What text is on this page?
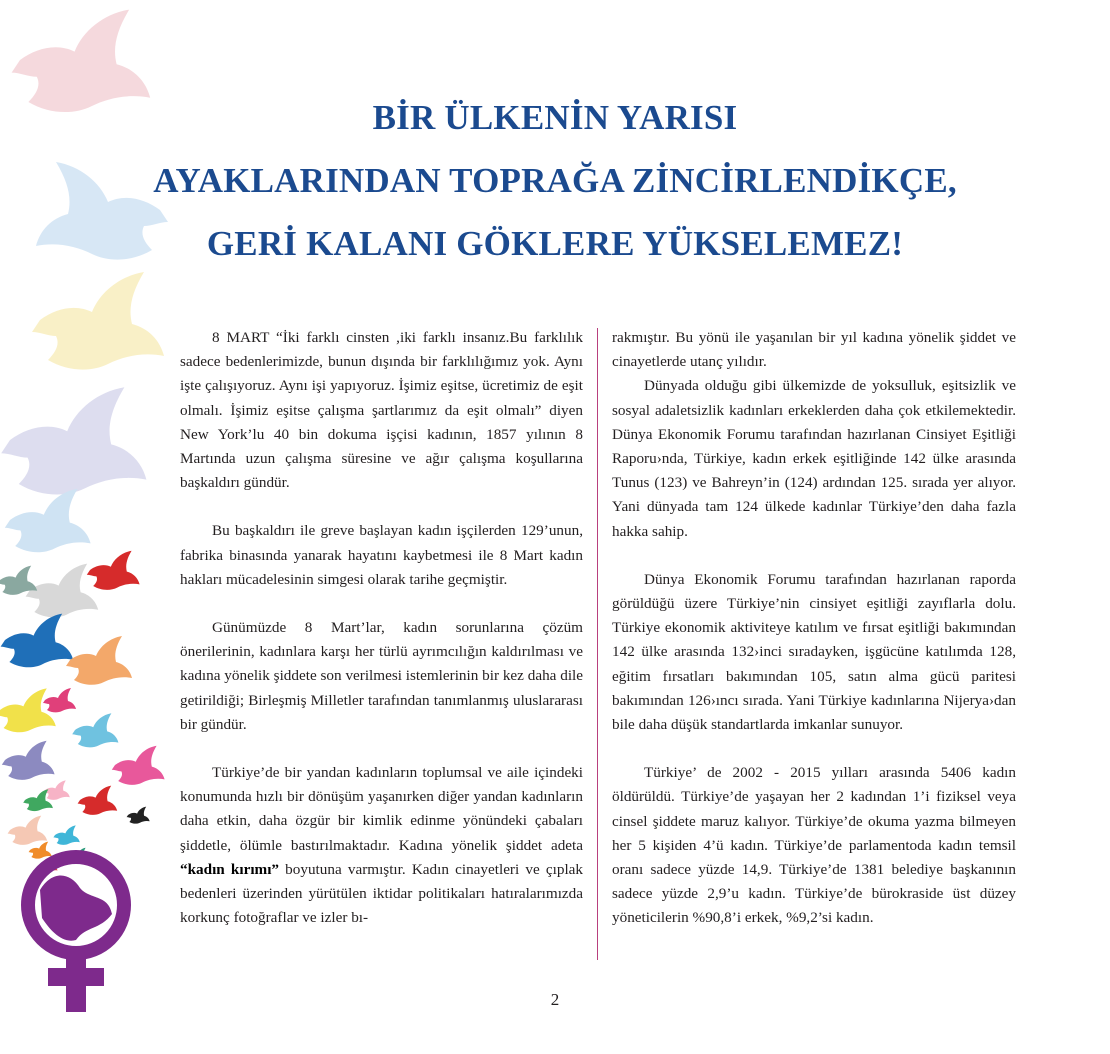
BİR ÜLKENİN YARISI
AYAKLARINDAN TOPRAĞA ZİNCİRLENDİKÇE,
GERİ KALANI GÖKLERE YÜKSELEMEZ!

8 MART “İki farklı cinsten ,iki farklı insanız.Bu farklılık sadece bedenlerimizde, bunun dışında bir farklılığımız yok. Aynı işte çalışıyoruz. Aynı işi yapıyoruz. İşimiz eşitse, ücretimiz de eşit olmalı. İşimiz eşitse çalışma şartlarımız da eşit olmalı” diyen New York’lu 40 bin dokuma işçisi kadının, 1857 yılının 8 Martında uzun çalışma süresine ve ağır çalışma koşullarına başkaldırı gündür.

Bu başkaldırı ile greve başlayan kadın işçilerden 129’unun, fabrika binasında yanarak hayatını kaybetmesi ile 8 Mart kadın hakları mücadelesinin simgesi olarak tarihe geçmiştir.

Günümüzde 8 Mart’lar, kadın sorunlarına çözüm önerilerinin, kadınlara karşı her türlü ayrımcılığın kaldırılması ve kadına yönelik şiddete son verilmesi istemlerinin bir kez daha dile getirildiği; Birleşmiş Milletler tarafından tanımlanmış uluslararası bir gündür.

Türkiye’de bir yandan kadınların toplumsal ve aile içindeki konumunda hızlı bir dönüşüm yaşanırken diğer yandan kadınların daha etkin, daha özgür bir kimlik edinme yönündeki çabaları şiddetle, ölümle bastırılmaktadır. Kadına yönelik şiddet adeta “kadın kırımı” boyutuna varmıştır. Kadın cinayetleri ve çıplak bedenleri üzerinden yürütülen iktidar politikaları hatıralarımızda korkunç fotoğraflar ve izler bı-

rakmıştır. Bu yönü ile yaşanılan bir yıl kadına yönelik şiddet ve cinayetlerde utanç yılıdır.

Dünyada olduğu gibi ülkemizde de yoksulluk, eşitsizlik ve sosyal adaletsizlik kadınları erkeklerden daha çok etkilemektedir. Dünya Ekonomik Forumu tarafından hazırlanan Cinsiyet Eşitliği Raporu›nda, Türkiye, kadın erkek eşitliğinde 142 ülke arasında Tunus (123) ve Bahreyn’in (124) ardından 125. sırada yer alıyor. Yani dünyada tam 124 ülkede kadınlar Türkiye’den daha fazla hakka sahip.

Dünya Ekonomik Forumu tarafından hazırlanan raporda görüldüğü üzere Türkiye’nin cinsiyet eşitliği zayıflarla dolu. Türkiye ekonomik aktiviteye katılım ve fırsat eşitliği bakımından 142 ülke arasında 132›inci sıradayken, işgücüne katılımda 128, eğitim fırsatları bakımından 105, satın alma gücü paritesi bakımından 126›ıncı sırada. Yani Türkiye kadınlarına Nijerya›dan bile daha düşük standartlarda imkanlar sunuyor.

Türkiye’ de 2002 - 2015 yılları arasında 5406 kadın öldürüldü. Türkiye’de yaşayan her 2 kadından 1’i fiziksel veya cinsel şiddete maruz kalıyor. Türkiye’de okuma yazma bilmeyen her 5 kişiden 4’ü kadın. Türkiye’de parlamentoda kadın temsil oranı sadece yüzde 14,9. Türkiye’de 1381 belediye başkanının sadece yüzde 2,9’u kadın. Türkiye’de bürokraside üst düzey yöneticilerin %90,8’i erkek, %9,2’si kadın.

2
